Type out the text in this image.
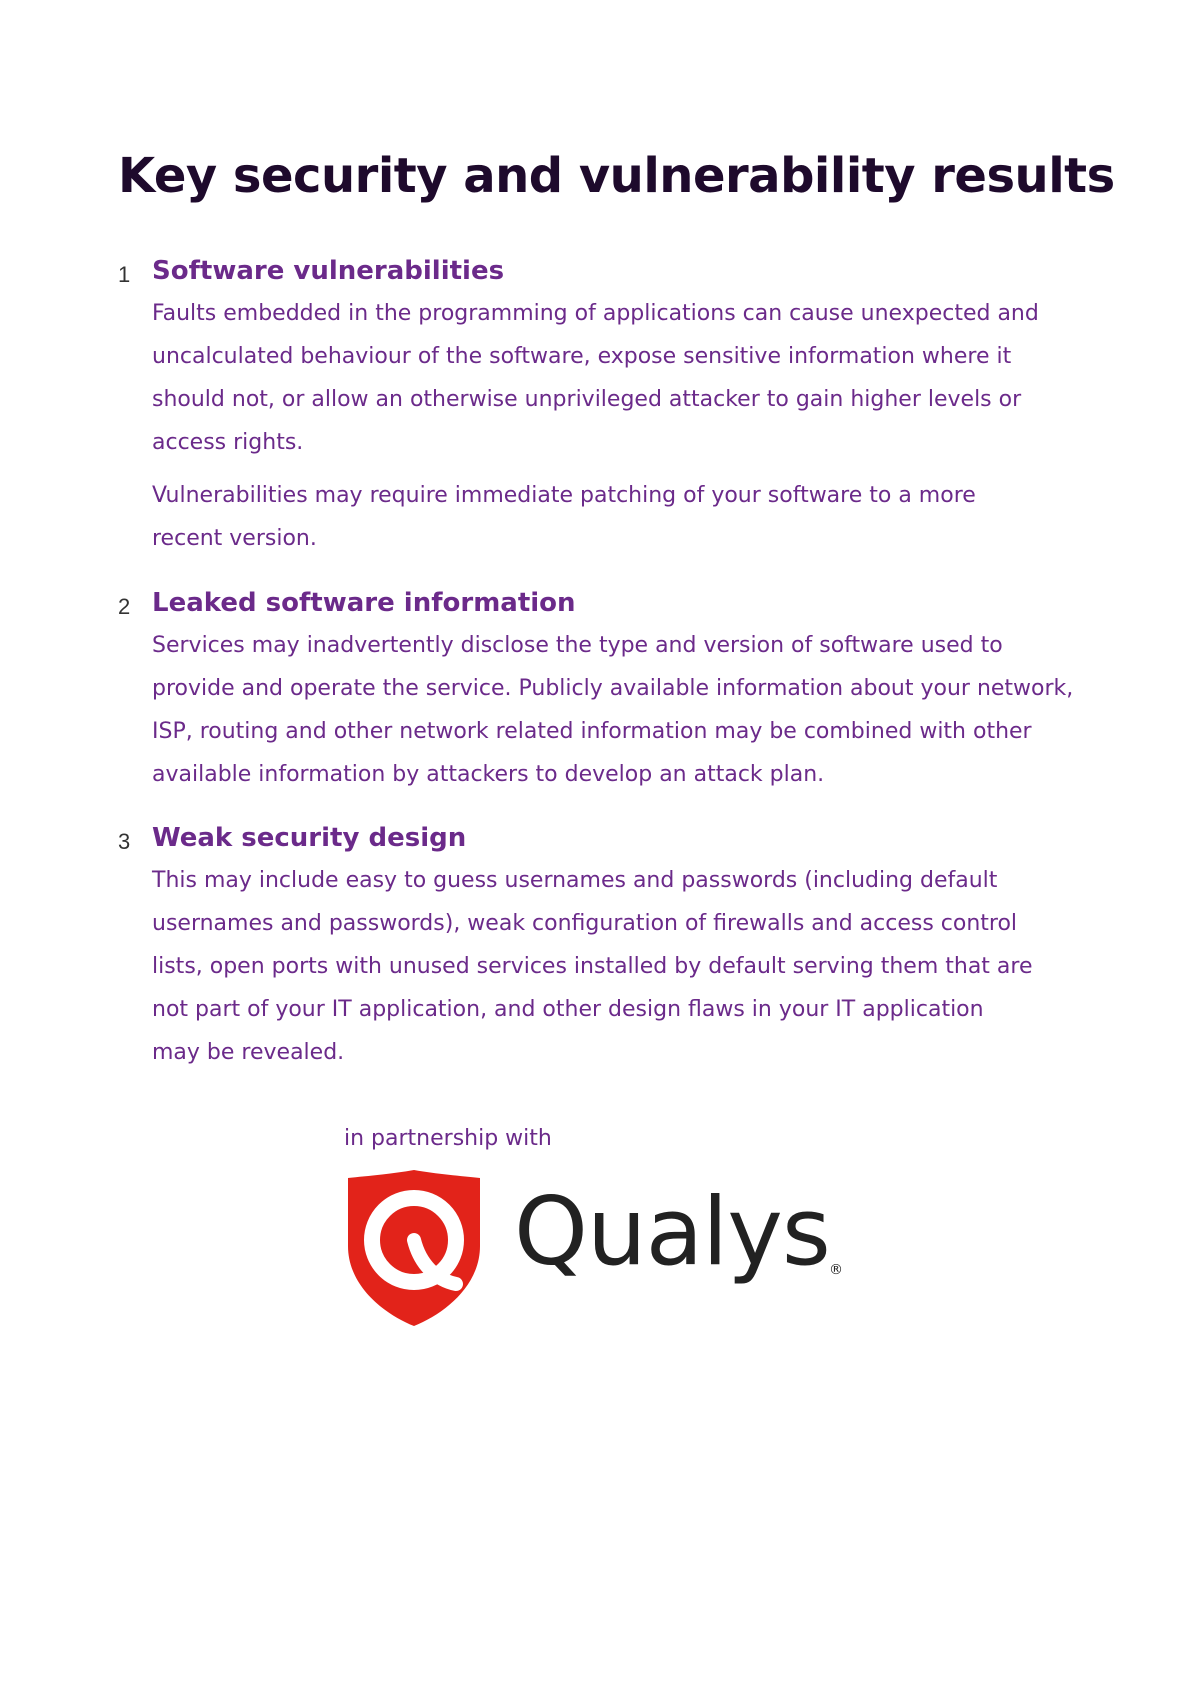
Key security and vulnerability results
1 Software vulnerabilities

Faults embedded in the programming of applications can cause unexpected and
uncalculated behaviour of the software, expose sensitive information where it
should not, or allow an otherwise unprivileged attacker to gain higher levels or
access rights.

Vulnerabilities may require immediate patching of your software to a more
recent version.

2 Leaked software information

Services may inadvertently disclose the type and version of software used to
provide and operate the service. Publicly available information about your network,
ISP, routing and other network related information may be combined with other
available information by attackers to develop an attack plan.

3 Weak security design

This may include easy to guess usernames and passwords (including default
usernames and passwords), weak configuration of firewalls and access control
lists, open ports with unused services installed by default serving them that are
not part of your IT application, and other design flaws in your IT application
may be revealed.

in partnership with
Qualys ®
